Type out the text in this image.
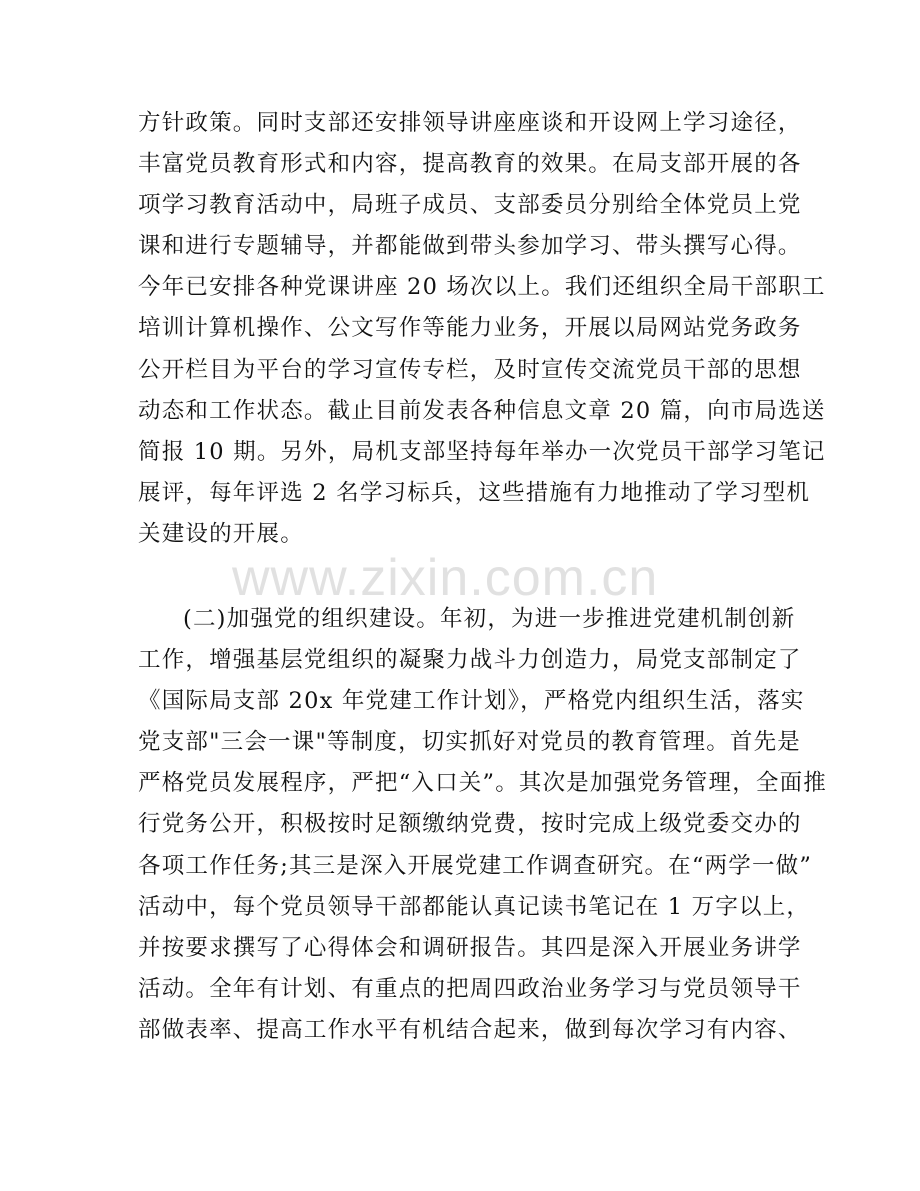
方针政策。同时支部还安排领导讲座座谈和开设网上学习途径，
丰富党员教育形式和内容，提高教育的效果。在局支部开展的各
项学习教育活动中，局班子成员、支部委员分别给全体党员上党
课和进行专题辅导，并都能做到带头参加学习、带头撰写心得。
今年已安排各种党课讲座 20 场次以上。我们还组织全局干部职工
培训计算机操作、公文写作等能力业务，开展以局网站党务政务
公开栏目为平台的学习宣传专栏，及时宣传交流党员干部的思想
动态和工作状态。截止目前发表各种信息文章 20 篇，向市局选送
简报 10 期。另外，局机支部坚持每年举办一次党员干部学习笔记
展评，每年评选 2 名学习标兵，这些措施有力地推动了学习型机
关建设的开展。
(二)加强党的组织建设。年初，为进一步推进党建机制创新
工作，增强基层党组织的凝聚力战斗力创造力，局党支部制定了
《国际局支部 20x 年党建工作计划》，严格党内组织生活，落实
党支部"三会一课"等制度，切实抓好对党员的教育管理。首先是
严格党员发展程序，严把“入口关”。其次是加强党务管理，全面推
行党务公开，积极按时足额缴纳党费，按时完成上级党委交办的
各项工作任务;其三是深入开展党建工作调查研究。在“两学一做”
活动中，每个党员领导干部都能认真记读书笔记在 1 万字以上，
并按要求撰写了心得体会和调研报告。其四是深入开展业务讲学
活动。全年有计划、有重点的把周四政治业务学习与党员领导干
部做表率、提高工作水平有机结合起来，做到每次学习有内容、
www.zixin.com.cn
